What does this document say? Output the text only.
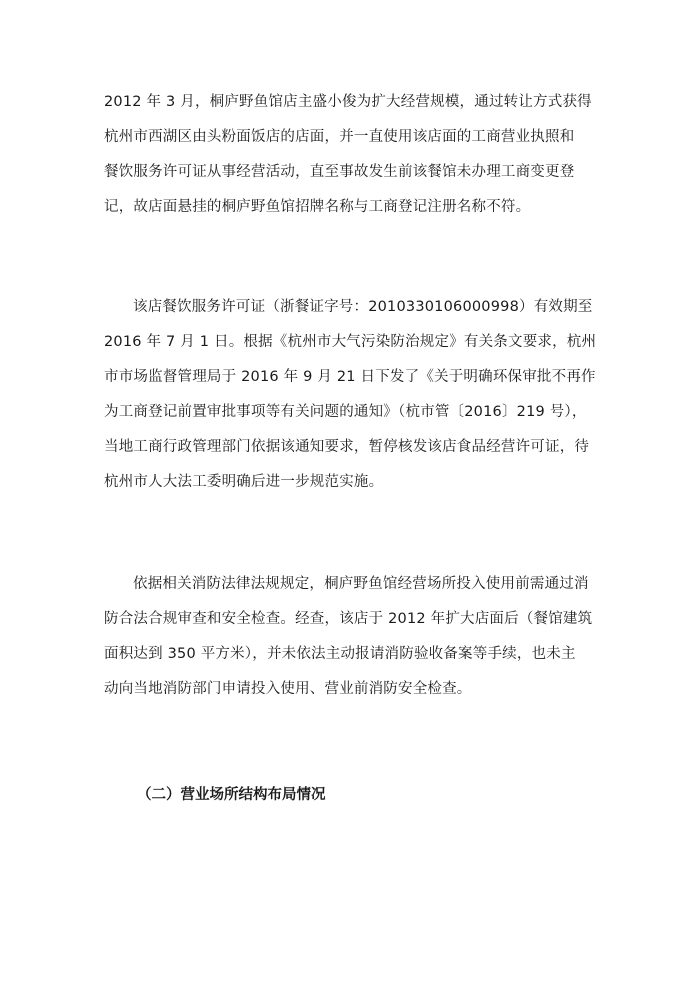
2012 年 3 月，桐庐野鱼馆店主盛小俊为扩大经营规模，通过转让方式获得
杭州市西湖区由头粉面饭店的店面，并一直使用该店面的工商营业执照和
餐饮服务许可证从事经营活动，直至事故发生前该餐馆未办理工商变更登
记，故店面悬挂的桐庐野鱼馆招牌名称与工商登记注册名称不符。
该店餐饮服务许可证（浙餐证字号：2010330106000998）有效期至
2016 年 7 月 1 日。根据《杭州市大气污染防治规定》有关条文要求，杭州
市市场监督管理局于 2016 年 9 月 21 日下发了《关于明确环保审批不再作
为工商登记前置审批事项等有关问题的通知》（杭市管〔2016〕219 号），
当地工商行政管理部门依据该通知要求，暂停核发该店食品经营许可证，待
杭州市人大法工委明确后进一步规范实施。
依据相关消防法律法规规定，桐庐野鱼馆经营场所投入使用前需通过消
防合法合规审查和安全检查。经查，该店于 2012 年扩大店面后（餐馆建筑
面积达到 350 平方米），并未依法主动报请消防验收备案等手续，也未主
动向当地消防部门申请投入使用、营业前消防安全检查。
（二）营业场所结构布局情况
